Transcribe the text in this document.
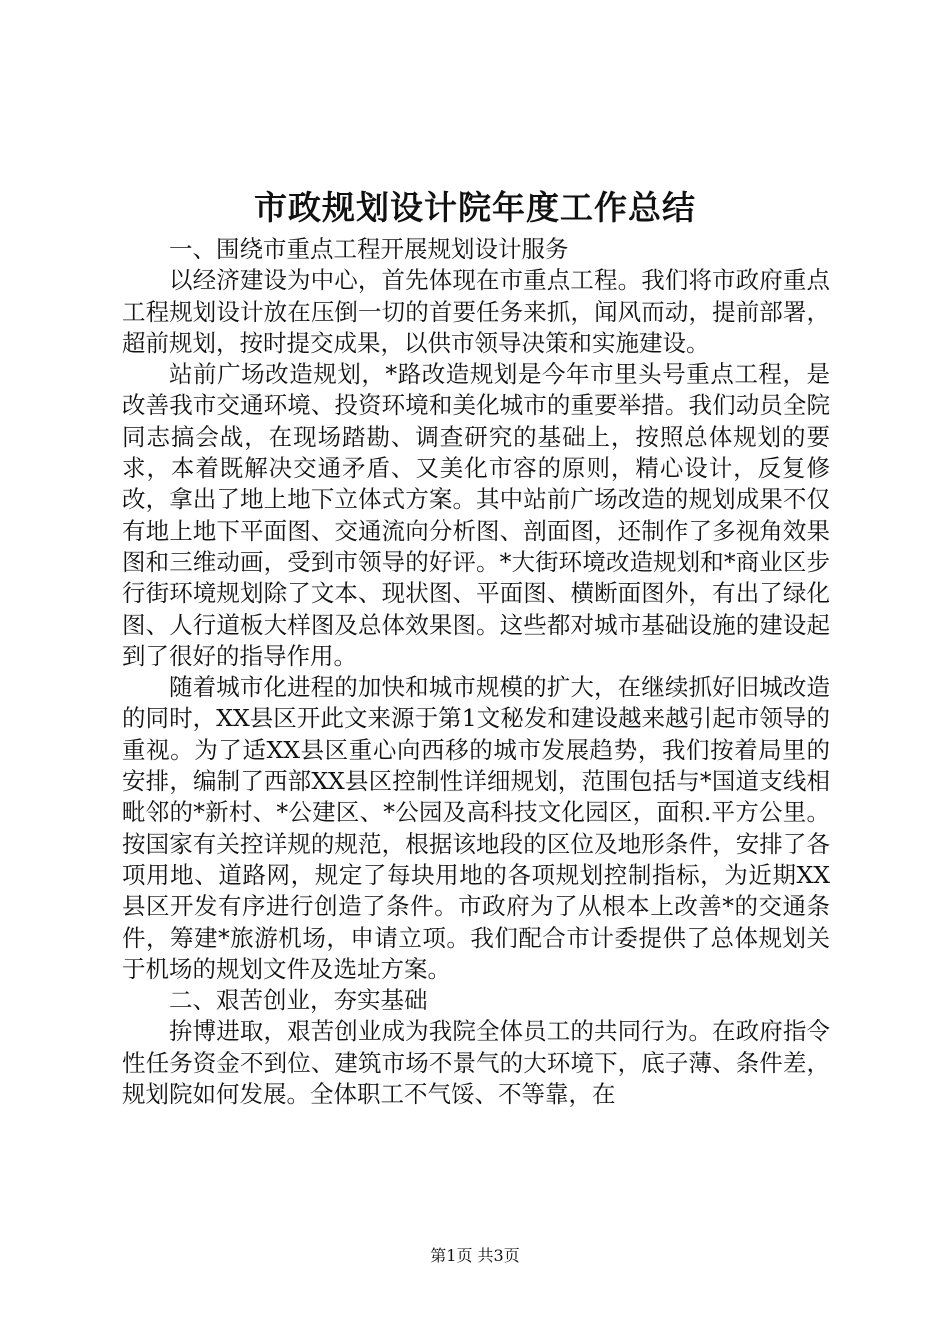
市政规划设计院年度工作总结

一、围绕市重点工程开展规划设计服务

以经济建设为中心，首先体现在市重点工程。我们将市政府重点工程规划设计放在压倒一切的首要任务来抓，闻风而动，提前部署，超前规划，按时提交成果，以供市领导决策和实施建设。

站前广场改造规划，*路改造规划是今年市里头号重点工程，是改善我市交通环境、投资环境和美化城市的重要举措。我们动员全院同志搞会战，在现场踏勘、调查研究的基础上，按照总体规划的要求，本着既解决交通矛盾、又美化市容的原则，精心设计，反复修改，拿出了地上地下立体式方案。其中站前广场改造的规划成果不仅有地上地下平面图、交通流向分析图、剖面图，还制作了多视角效果图和三维动画，受到市领导的好评。*大街环境改造规划和*商业区步行街环境规划除了文本、现状图、平面图、横断面图外，有出了绿化图、人行道板大样图及总体效果图。这些都对城市基础设施的建设起到了很好的指导作用。

随着城市化进程的加快和城市规模的扩大，在继续抓好旧城改造的同时，XX县区开此文来源于第1文秘发和建设越来越引起市领导的重视。为了适XX县区重心向西移的城市发展趋势，我们按着局里的安排，编制了西部XX县区控制性详细规划，范围包括与*国道支线相毗邻的*新村、*公建区、*公园及高科技文化园区，面积.平方公里。按国家有关控详规的规范，根据该地段的区位及地形条件，安排了各项用地、道路网，规定了每块用地的各项规划控制指标，为近期XX县区开发有序进行创造了条件。市政府为了从根本上改善*的交通条件，筹建*旅游机场，申请立项。我们配合市计委提供了总体规划关于机场的规划文件及选址方案。

二、艰苦创业，夯实基础

拚博进取，艰苦创业成为我院全体员工的共同行为。在政府指令性任务资金不到位、建筑市场不景气的大环境下，底子薄、条件差，规划院如何发展。全体职工不气馁、不等靠，在

第1页 共3页
